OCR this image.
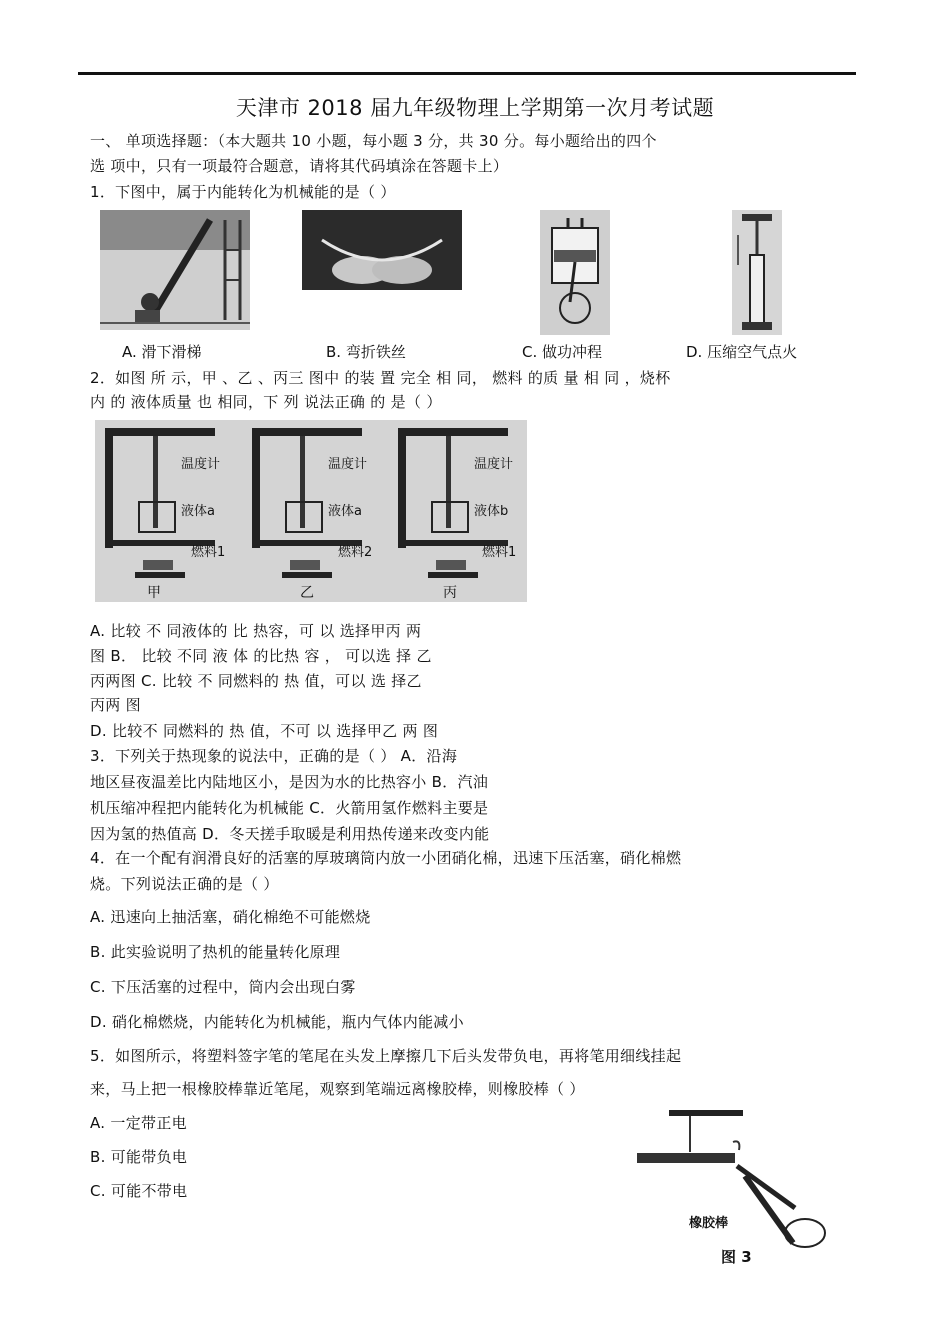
天津市 2018 届九年级物理上学期第一次月考试题
一、 单项选择题：（本大题共 10 小题，每小题 3 分，共 30 分。每小题给出的四个
选 项中，只有一项最符合题意，请将其代码填涂在答题卡上）
1．下图中，属于内能转化为机械能的是（ ）
A. 滑下滑梯	B. 弯折铁丝	C. 做功冲程	D. 压缩空气点火
2．如图 所 示，甲 、乙 、丙三 图中 的装 置 完全 相 同， 燃料 的质 量 相 同 ，烧杯
内 的 液体质量 也 相同，下 列 说法正确 的 是（ ）
温度计	温度计	温度计
液体a	液体a	液体b
燃料1	燃料2	燃料1
甲	乙	丙
A. 比较 不 同液体的 比 热容，可 以 选择甲丙 两
图 B． 比较 不同 液 体 的比热 容 ， 可以选 择 乙
丙两图 C. 比较 不 同燃料的 热 值，可以 选 择乙
丙两 图
D. 比较不 同燃料的 热 值，不可 以 选择甲乙 两 图
3．下列关于热现象的说法中，正确的是（ ） A．沿海
地区昼夜温差比内陆地区小，是因为水的比热容小 B．汽油
机压缩冲程把内能转化为机械能 C．火箭用氢作燃料主要是
因为氢的热值高 D．冬天搓手取暖是利用热传递来改变内能
4．在一个配有润滑良好的活塞的厚玻璃筒内放一小团硝化棉，迅速下压活塞，硝化棉燃
烧。下列说法正确的是（ ）
A. 迅速向上抽活塞，硝化棉绝不可能燃烧
B. 此实验说明了热机的能量转化原理
C. 下压活塞的过程中，筒内会出现白雾
D. 硝化棉燃烧，内能转化为机械能，瓶内气体内能减小
5．如图所示，将塑料签字笔的笔尾在头发上摩擦几下后头发带负电，再将笔用细线挂起
来，马上把一根橡胶棒靠近笔尾，观察到笔端远离橡胶棒，则橡胶棒（ ）
A. 一定带正电
B. 可能带负电
C. 可能不带电
橡胶棒
图 3
